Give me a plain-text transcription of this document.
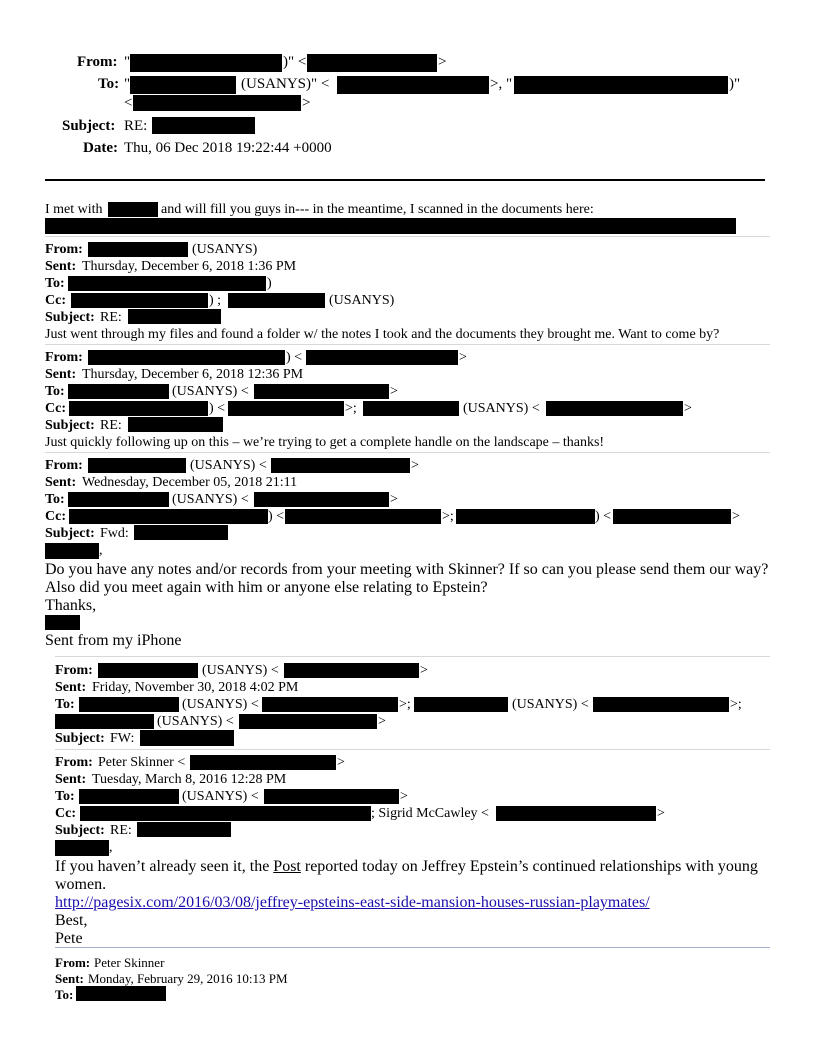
From: "	)" <	>
To: "	(USANYS)" <	>, "	)"
<	>
Subject: RE:
Date: Thu, 06 Dec 2018 19:22:44 +0000
I met with	and will fill you guys in--- in the meantime, I scanned in the documents here:
From:	(USANYS)
Sent: Thursday, December 6, 2018 1:36 PM
To:	)
Cc:	) ;	(USANYS)
Subject: RE:
Just went through my files and found a folder w/ the notes I took and the documents they brought me. Want to come by?
From:	) <	>
Sent: Thursday, December 6, 2018 12:36 PM
To:	(USANYS) <	>
Cc:	) <	>;	(USANYS) <	>
Subject: RE:
Just quickly following up on this – we’re trying to get a complete handle on the landscape – thanks!
From:	(USANYS) <	>
Sent: Wednesday, December 05, 2018 21:11
To:	(USANYS) <	>
Cc:	) <	>;	) <	>
Subject: Fwd:
,
Do you have any notes and/or records from your meeting with Skinner? If so can you please send them our way?
Also did you meet again with him or anyone else relating to Epstein?
Thanks,
Sent from my iPhone
From:	(USANYS) <	>
Sent: Friday, November 30, 2018 4:02 PM
To:	(USANYS) <	>;	(USANYS) <	>;
(USANYS) <	>
Subject: FW:
From: Peter Skinner <	>
Sent: Tuesday, March 8, 2016 12:28 PM
To:	(USANYS) <	>
Cc:	; Sigrid McCawley <	>
Subject: RE:
,
If you haven’t already seen it, the Post reported today on Jeffrey Epstein’s continued relationships with young
women.
http://pagesix.com/2016/03/08/jeffrey-epsteins-east-side-mansion-houses-russian-playmates/
Best,
Pete
From: Peter Skinner
Sent: Monday, February 29, 2016 10:13 PM
To:
